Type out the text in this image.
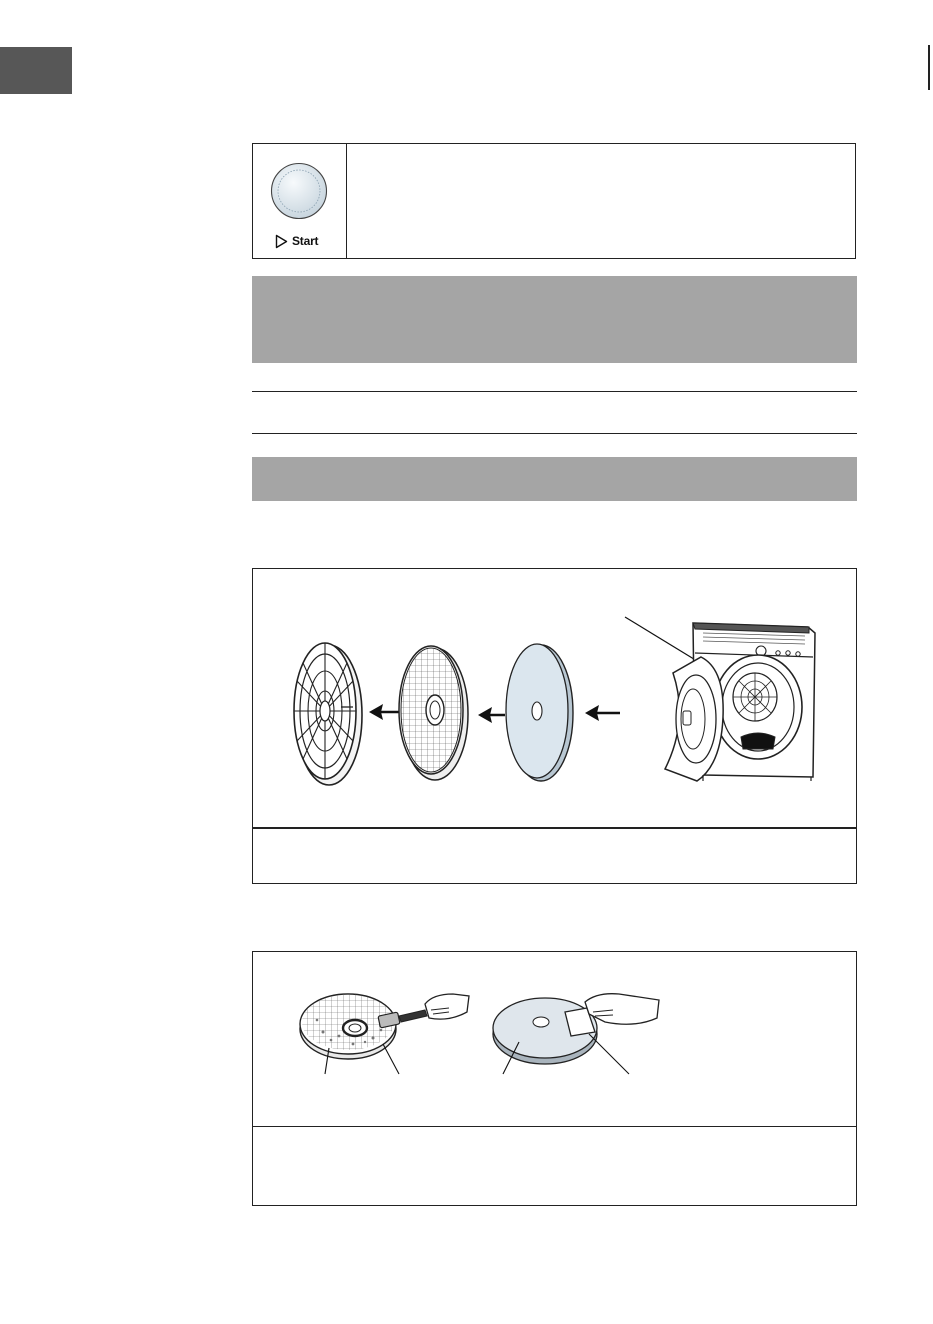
Start
